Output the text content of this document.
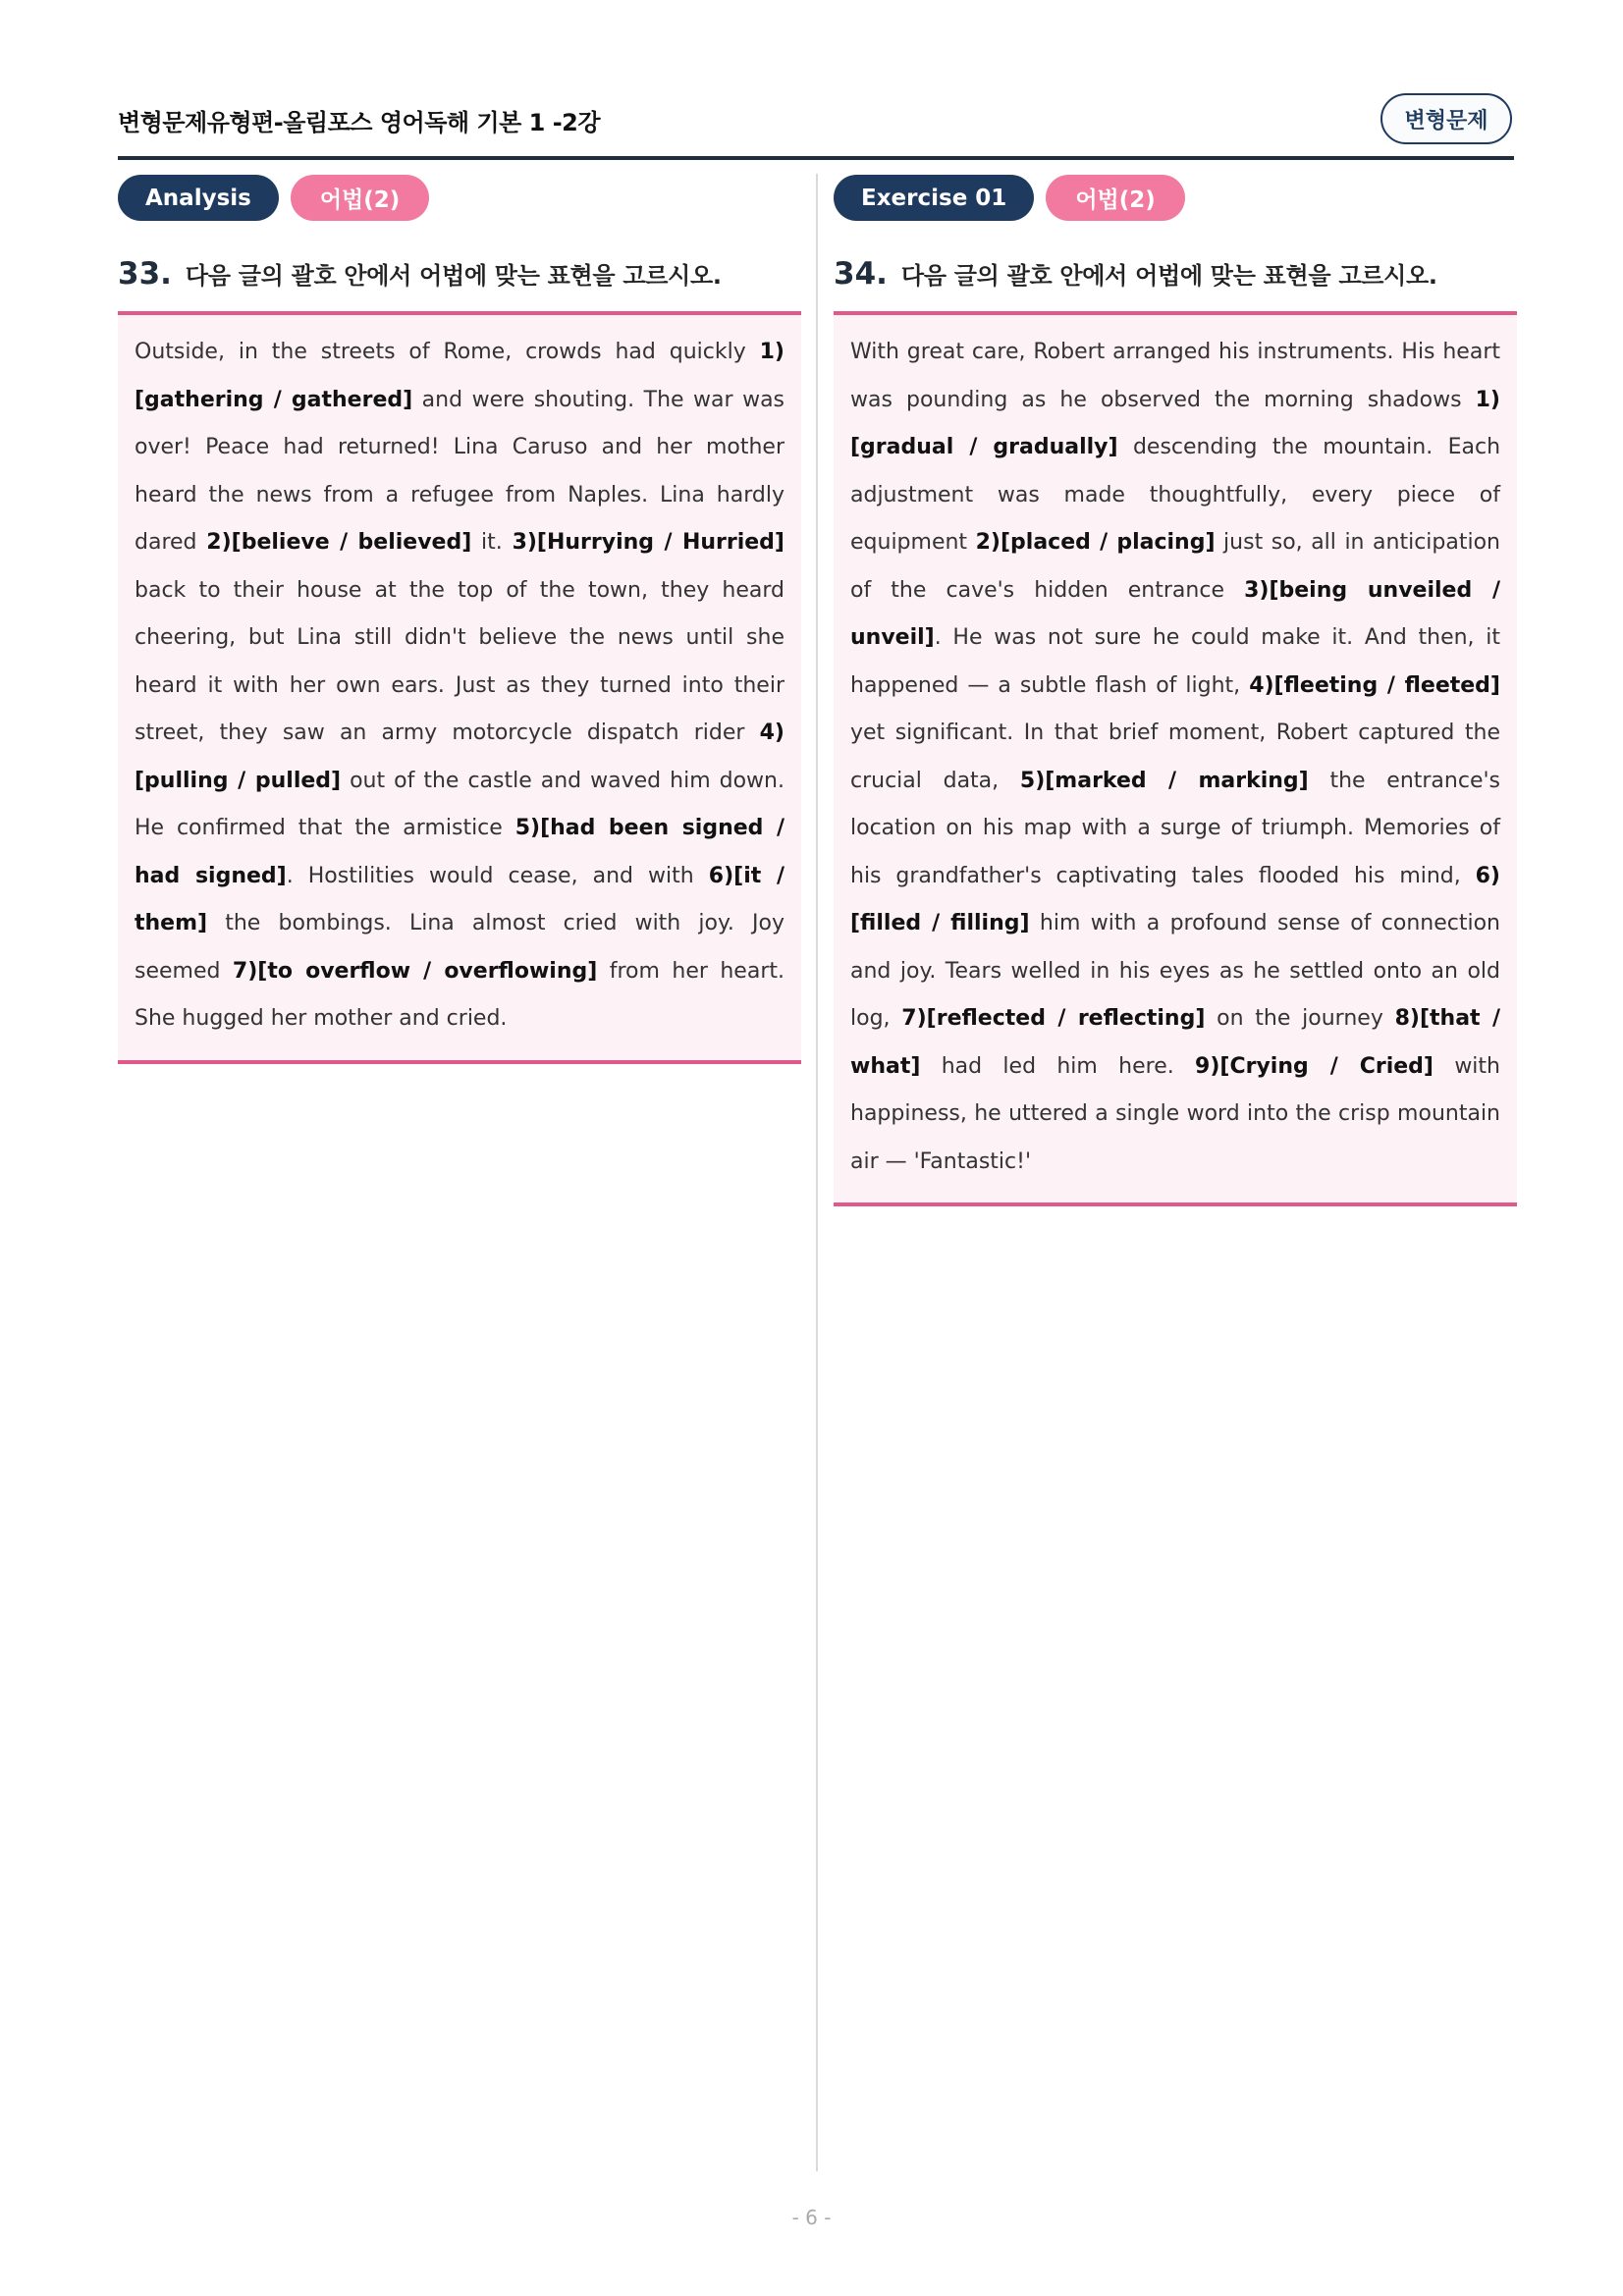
변형문제유형편-올림포스 영어독해 기본 1 -2강	변형문제
Analysis	어법(2)
33. 다음 글의 괄호 안에서 어법에 맞는 표현을 고르시오.

Outside, in the streets of Rome, crowds had quickly 1)[gathering / gathered] and were shouting. The war was over! Peace had returned! Lina Caruso and her mother heard the news from a refugee from Naples. Lina hardly dared 2)[believe / believed] it. 3)[Hurrying / Hurried] back to their house at the top of the town, they heard cheering, but Lina still didn't believe the news until she heard it with her own ears. Just as they turned into their street, they saw an army motorcycle dispatch rider 4)[pulling / pulled] out of the castle and waved him down. He confirmed that the armistice 5)[had been signed / had signed]. Hostilities would cease, and with 6)[it / them] the bombings. Lina almost cried with joy. Joy seemed 7)[to overflow / overflowing] from her heart. She hugged her mother and cried.

Exercise 01	어법(2)
34. 다음 글의 괄호 안에서 어법에 맞는 표현을 고르시오.

With great care, Robert arranged his instruments. His heart was pounding as he observed the morning shadows 1)[gradual / gradually] descending the mountain. Each adjustment was made thoughtfully, every piece of equipment 2)[placed / placing] just so, all in anticipation of the cave's hidden entrance 3)[being unveiled / unveil]. He was not sure he could make it. And then, it happened — a subtle flash of light, 4)[fleeting / fleeted] yet significant. In that brief moment, Robert captured the crucial data, 5)[marked / marking] the entrance's location on his map with a surge of triumph. Memories of his grandfather's captivating tales flooded his mind, 6)[filled / filling] him with a profound sense of connection and joy. Tears welled in his eyes as he settled onto an old log, 7)[reflected / reflecting] on the journey 8)[that / what] had led him here. 9)[Crying / Cried] with happiness, he uttered a single word into the crisp mountain air — 'Fantastic!'

- 6 -
